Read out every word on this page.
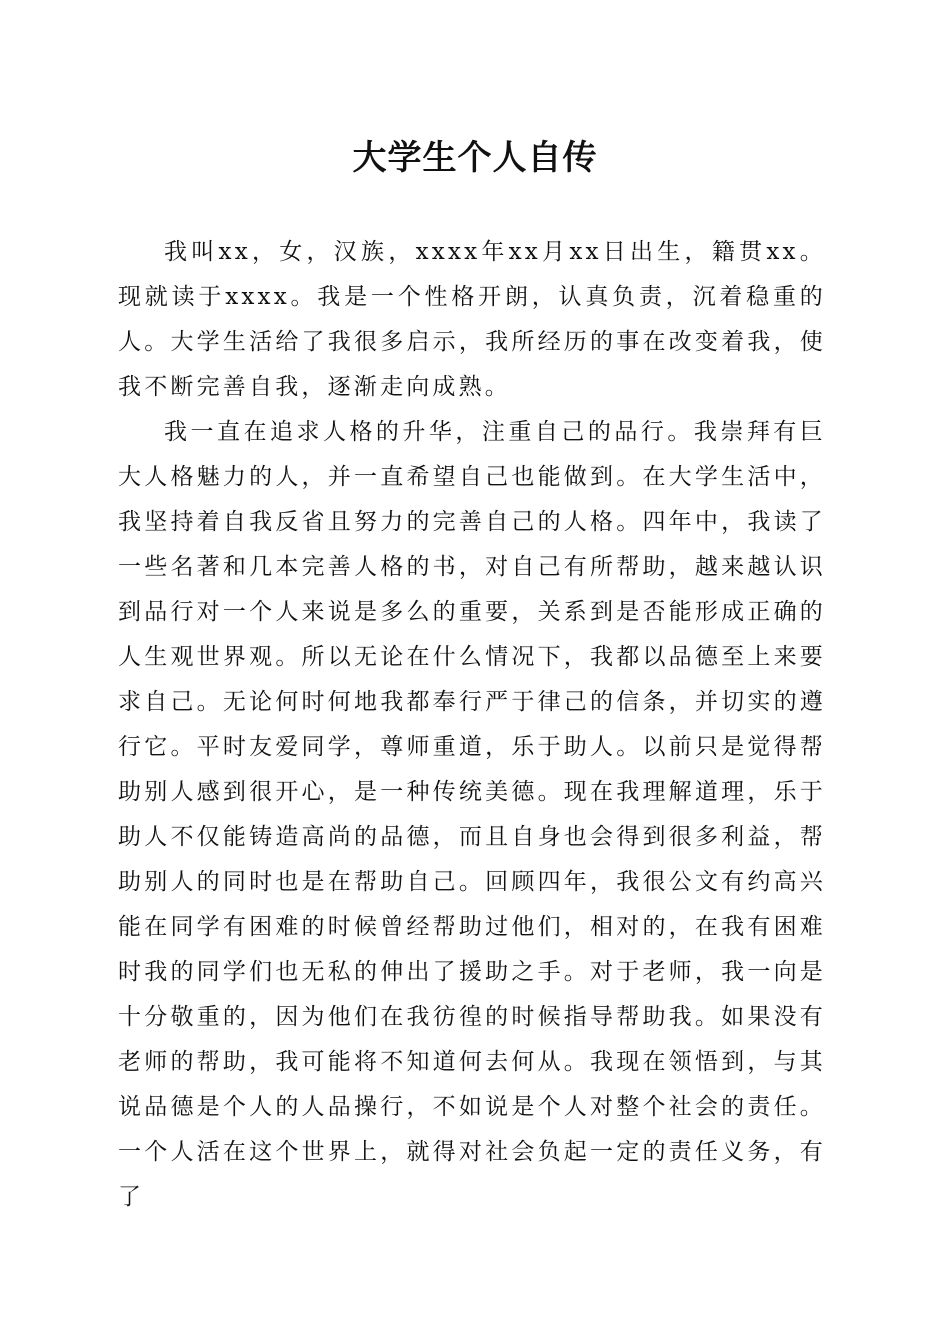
大学生个人自传

我叫xx，女，汉族，xxxx年xx月xx日出生，籍贯xx。现就读于xxxx。我是一个性格开朗，认真负责，沉着稳重的人。大学生活给了我很多启示，我所经历的事在改变着我，使我不断完善自我，逐渐走向成熟。

我一直在追求人格的升华，注重自己的品行。我崇拜有巨大人格魅力的人，并一直希望自己也能做到。在大学生活中，我坚持着自我反省且努力的完善自己的人格。四年中，我读了一些名著和几本完善人格的书，对自己有所帮助，越来越认识到品行对一个人来说是多么的重要，关系到是否能形成正确的人生观世界观。所以无论在什么情况下，我都以品德至上来要求自己。无论何时何地我都奉行严于律己的信条，并切实的遵行它。平时友爱同学，尊师重道，乐于助人。以前只是觉得帮助别人感到很开心，是一种传统美德。现在我理解道理，乐于助人不仅能铸造高尚的品德，而且自身也会得到很多利益，帮助别人的同时也是在帮助自己。回顾四年，我很公文有约高兴能在同学有困难的时候曾经帮助过他们，相对的，在我有困难时我的同学们也无私的伸出了援助之手。对于老师，我一向是十分敬重的，因为他们在我彷徨的时候指导帮助我。如果没有老师的帮助，我可能将不知道何去何从。我现在领悟到，与其说品德是个人的人品操行，不如说是个人对整个社会的责任。一个人活在这个世界上，就得对社会负起一定的责任义务，有了
